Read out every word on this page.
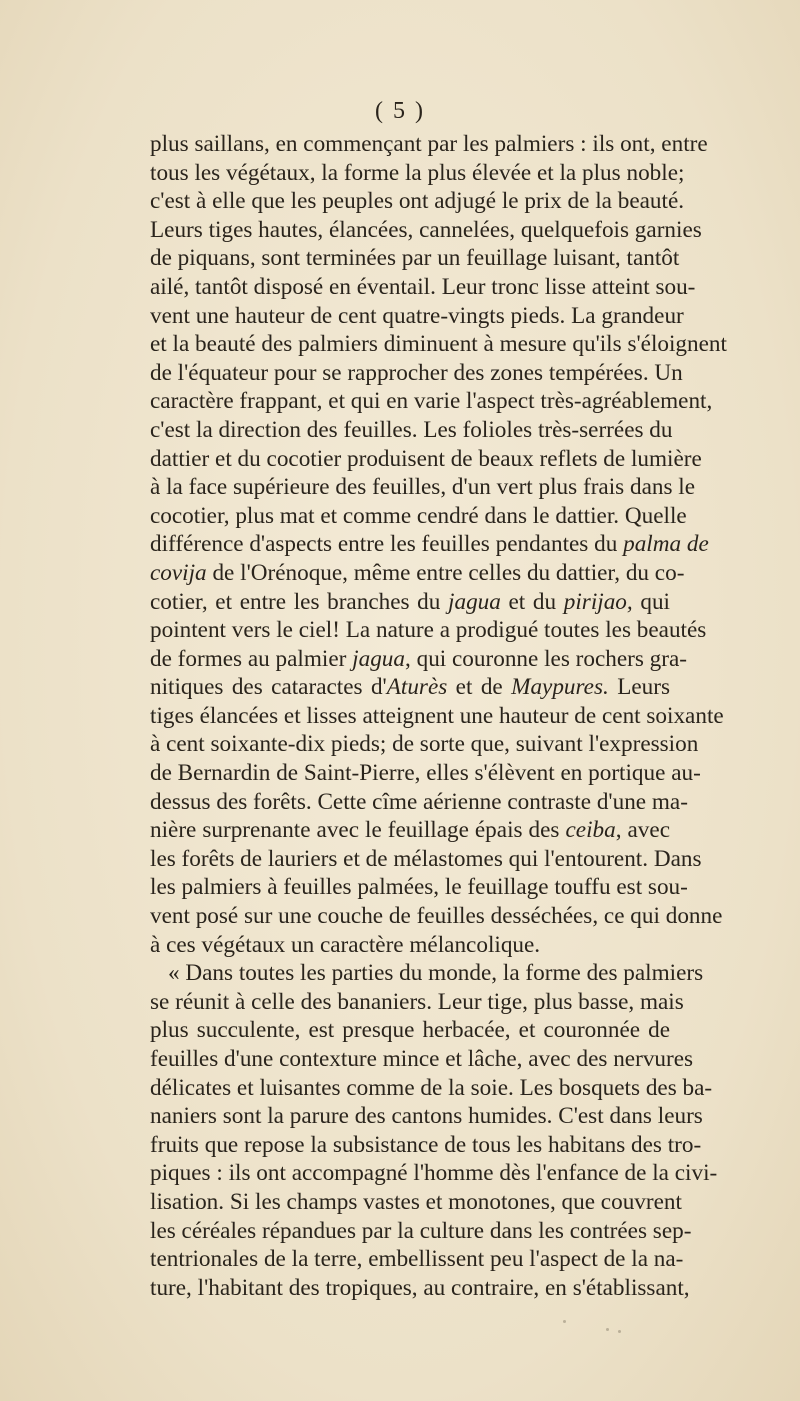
( 5 )
plus saillans, en commençant par les palmiers : ils ont, entre
tous les végétaux, la forme la plus élevée et la plus noble;
c'est à elle que les peuples ont adjugé le prix de la beauté.
Leurs tiges hautes, élancées, cannelées, quelquefois garnies
de piquans, sont terminées par un feuillage luisant, tantôt
ailé, tantôt disposé en éventail. Leur tronc lisse atteint sou-
vent une hauteur de cent quatre-vingts pieds. La grandeur
et la beauté des palmiers diminuent à mesure qu'ils s'éloignent
de l'équateur pour se rapprocher des zones tempérées. Un
caractère frappant, et qui en varie l'aspect très-agréablement,
c'est la direction des feuilles. Les folioles très-serrées du
dattier et du cocotier produisent de beaux reflets de lumière
à la face supérieure des feuilles, d'un vert plus frais dans le
cocotier, plus mat et comme cendré dans le dattier. Quelle
différence d'aspects entre les feuilles pendantes du palma de
covija de l'Orénoque, même entre celles du dattier, du co-
cotier, et entre les branches du jagua et du pirijao, qui
pointent vers le ciel! La nature a prodigué toutes les beautés
de formes au palmier jagua, qui couronne les rochers gra-
nitiques des cataractes d'Aturès et de Maypures. Leurs
tiges élancées et lisses atteignent une hauteur de cent soixante
à cent soixante-dix pieds; de sorte que, suivant l'expression
de Bernardin de Saint-Pierre, elles s'élèvent en portique au-
dessus des forêts. Cette cîme aérienne contraste d'une ma-
nière surprenante avec le feuillage épais des ceiba, avec
les forêts de lauriers et de mélastomes qui l'entourent. Dans
les palmiers à feuilles palmées, le feuillage touffu est sou-
vent posé sur une couche de feuilles desséchées, ce qui donne
à ces végétaux un caractère mélancolique.
« Dans toutes les parties du monde, la forme des palmiers
se réunit à celle des bananiers. Leur tige, plus basse, mais
plus succulente, est presque herbacée, et couronnée de
feuilles d'une contexture mince et lâche, avec des nervures
délicates et luisantes comme de la soie. Les bosquets des ba-
naniers sont la parure des cantons humides. C'est dans leurs
fruits que repose la subsistance de tous les habitans des tro-
piques : ils ont accompagné l'homme dès l'enfance de la civi-
lisation. Si les champs vastes et monotones, que couvrent
les céréales répandues par la culture dans les contrées sep-
tentrionales de la terre, embellissent peu l'aspect de la na-
ture, l'habitant des tropiques, au contraire, en s'établissant,
